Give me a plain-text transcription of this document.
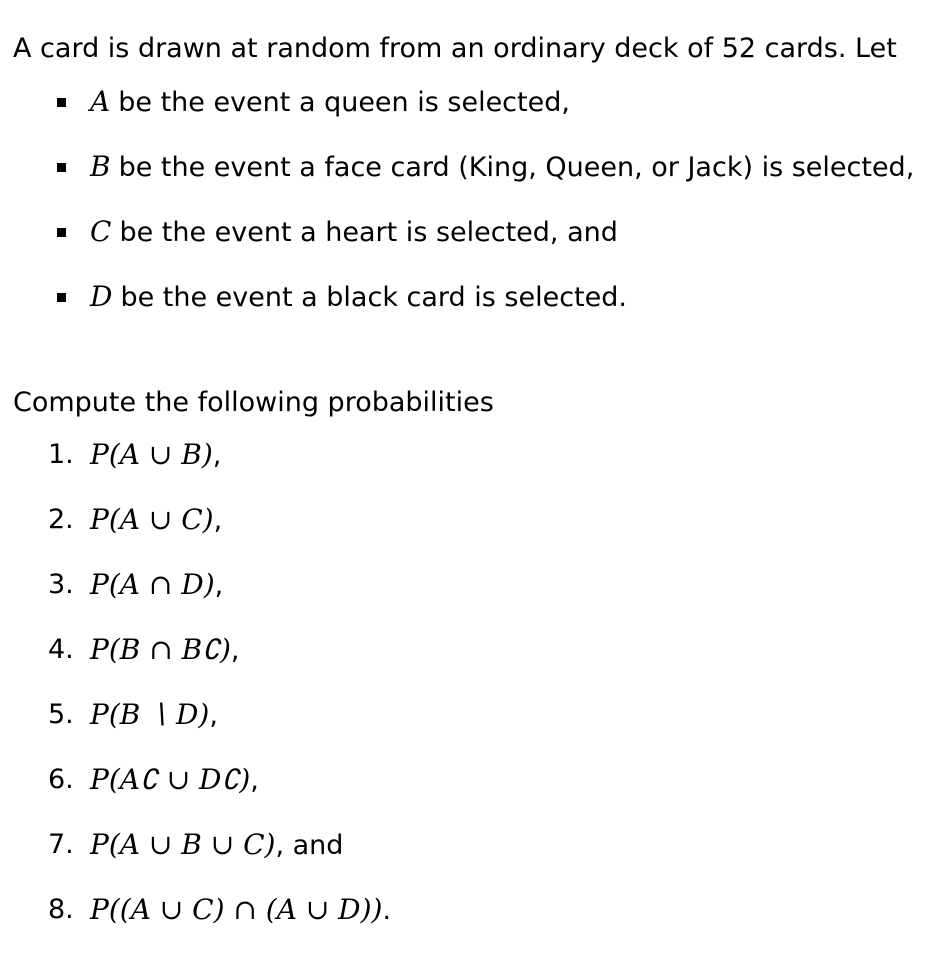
A card is drawn at random from an ordinary deck of 52 cards. Let

A be the event a queen is selected,
B be the event a face card (King, Queen, or Jack) is selected,
C be the event a heart is selected, and
D be the event a black card is selected.

Compute the following probabilities

1. P(A ∪ B),
2. P(A ∪ C),
3. P(A ∩ D),
4. P(B ∩ B∁),
5. P(B ∖ D),
6. P(A∁ ∪ D∁),
7. P(A ∪ B ∪ C), and
8. P((A ∪ C) ∩ (A ∪ D)).
